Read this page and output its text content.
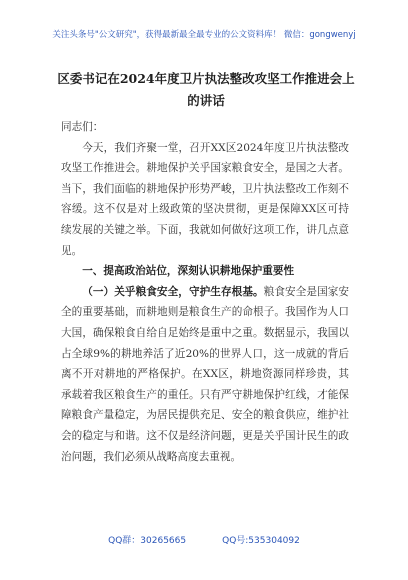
关注头条号"公文研究"，获得最新最全最专业的公文资料库！ 微信：gongwenyj
区委书记在2024年度卫片执法整改攻坚工作推进会上的讲话

同志们：

今天，我们齐聚一堂，召开XX区2024年度卫片执法整改攻坚工作推进会。耕地保护关乎国家粮食安全，是国之大者。当下，我们面临的耕地保护形势严峻，卫片执法整改工作刻不容缓。这不仅是对上级政策的坚决贯彻，更是保障XX区可持续发展的关键之举。下面，我就如何做好这项工作，讲几点意见。

一、提高政治站位，深刻认识耕地保护重要性

（一）关乎粮食安全，守护生存根基。粮食安全是国家安全的重要基础，而耕地则是粮食生产的命根子。我国作为人口大国，确保粮食自给自足始终是重中之重。数据显示，我国以占全球9%的耕地养活了近20%的世界人口，这一成就的背后离不开对耕地的严格保护。在XX区，耕地资源同样珍贵，其承载着我区粮食生产的重任。只有严守耕地保护红线，才能保障粮食产量稳定，为居民提供充足、安全的粮食供应，维护社会的稳定与和谐。这不仅是经济问题，更是关乎国计民生的政治问题，我们必须从战略高度去重视。

QQ群：30265665	QQ号:535304092
